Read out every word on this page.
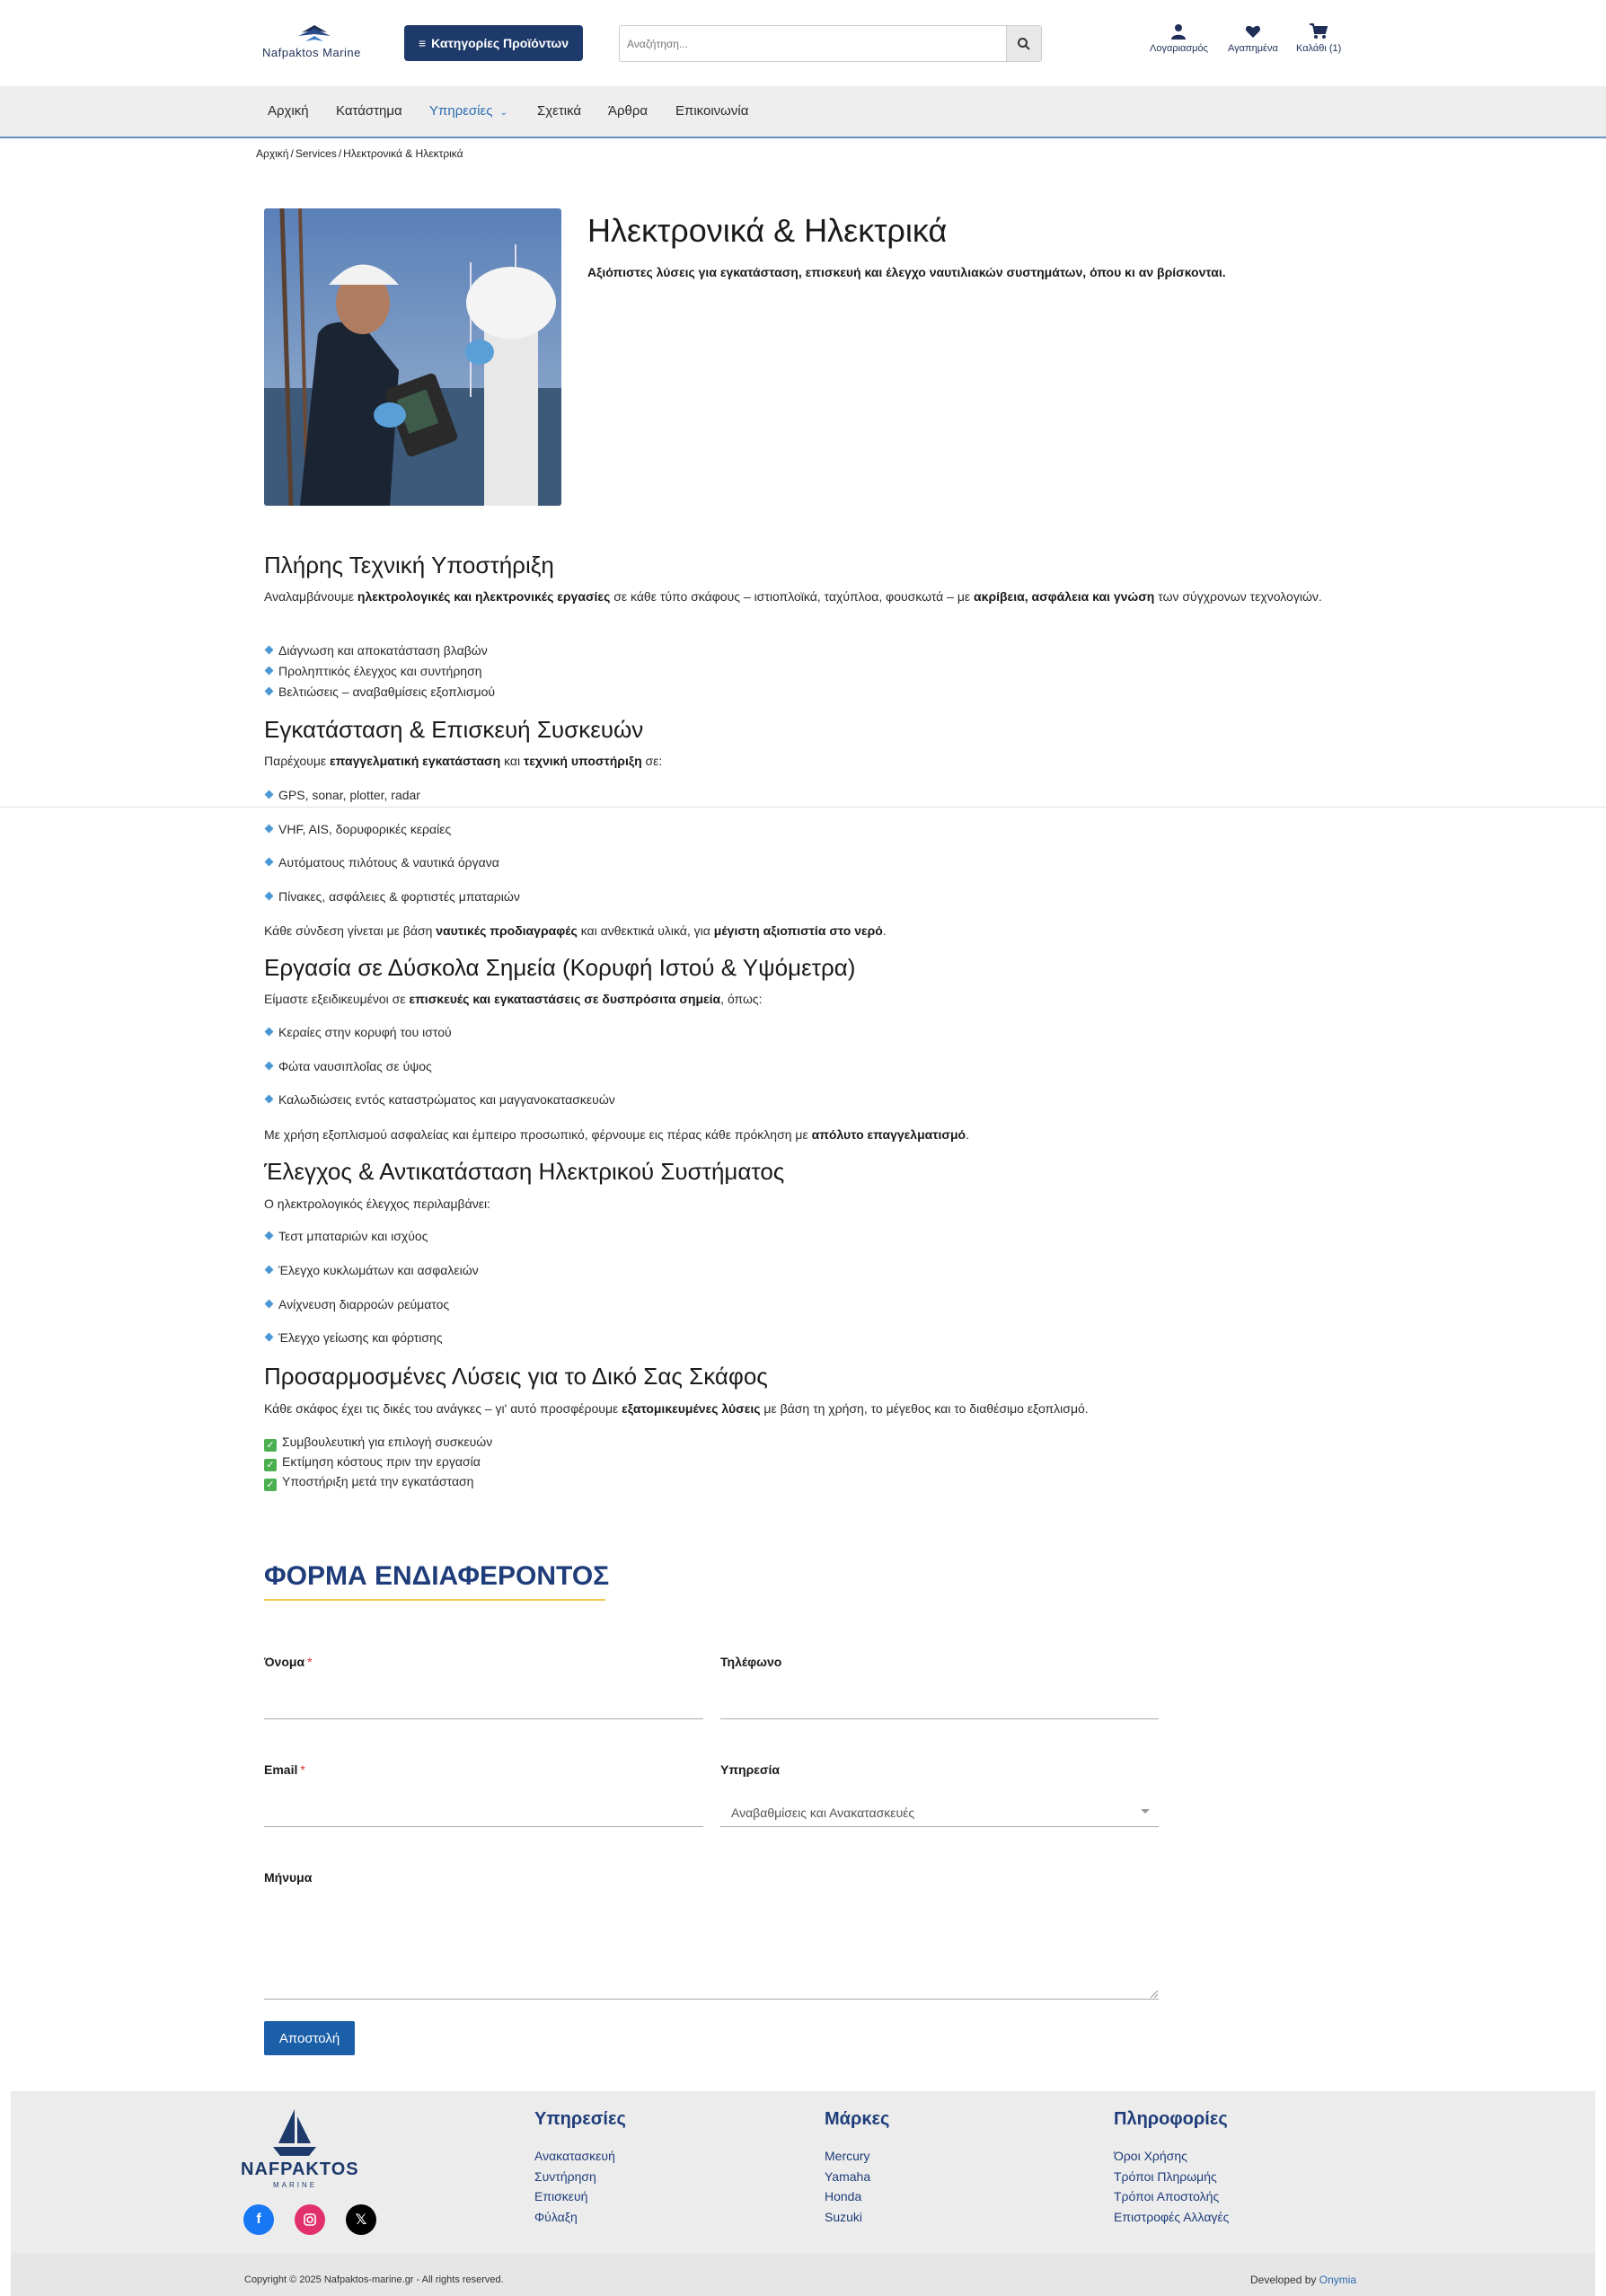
Nafpaktos Marine
≡ Κατηγορίες Προϊόντων
Αναζήτηση...	Λογαριασμός Αγαπημένα Καλάθι (1)
Αρχική Κατάστημα Υπηρεσίες ⌄ Σχετικά Άρθρα Επικοινωνία
Αρχική / Services / Ηλεκτρονικά & Ηλεκτρικά
Ηλεκτρονικά & Ηλεκτρικά
Αξιόπιστες λύσεις για εγκατάσταση, επισκευή και έλεγχο ναυτιλιακών συστημάτων, όπου κι αν βρίσκονται.
Πλήρης Τεχνική Υποστήριξη
Αναλαμβάνουμε ηλεκτρολογικές και ηλεκτρονικές εργασίες σε κάθε τύπο σκάφους – ιστιοπλοϊκά, ταχύπλοα, φουσκωτά – με ακρίβεια, ασφάλεια και γνώση των σύγχρονων τεχνολογιών.
Διάγνωση και αποκατάσταση βλαβών
Προληπτικός έλεγχος και συντήρηση
Βελτιώσεις – αναβαθμίσεις εξοπλισμού
Εγκατάσταση & Επισκευή Συσκευών
Παρέχουμε επαγγελματική εγκατάσταση και τεχνική υποστήριξη σε:
GPS, sonar, plotter, radar
VHF, AIS, δορυφορικές κεραίες
Αυτόματους πιλότους & ναυτικά όργανα
Πίνακες, ασφάλειες & φορτιστές μπαταριών
Κάθε σύνδεση γίνεται με βάση ναυτικές προδιαγραφές και ανθεκτικά υλικά, για μέγιστη αξιοπιστία στο νερό.
Εργασία σε Δύσκολα Σημεία (Κορυφή Ιστού & Υψόμετρα)
Είμαστε εξειδικευμένοι σε επισκευές και εγκαταστάσεις σε δυσπρόσιτα σημεία, όπως:
Κεραίες στην κορυφή του ιστού
Φώτα ναυσιπλοΐας σε ύψος
Καλωδιώσεις εντός καταστρώματος και μαγγανοκατασκευών
Με χρήση εξοπλισμού ασφαλείας και έμπειρο προσωπικό, φέρνουμε εις πέρας κάθε πρόκληση με απόλυτο επαγγελματισμό.
Έλεγχος & Αντικατάσταση Ηλεκτρικού Συστήματος
Ο ηλεκτρολογικός έλεγχος περιλαμβάνει:
Τεστ μπαταριών και ισχύος
Έλεγχο κυκλωμάτων και ασφαλειών
Ανίχνευση διαρροών ρεύματος
Έλεγχο γείωσης και φόρτισης
Προσαρμοσμένες Λύσεις για το Δικό Σας Σκάφος
Κάθε σκάφος έχει τις δικές του ανάγκες – γι' αυτό προσφέρουμε εξατομικευμένες λύσεις με βάση τη χρήση, το μέγεθος και το διαθέσιμο εξοπλισμό.
✓ Συμβουλευτική για επιλογή συσκευών
✓ Εκτίμηση κόστους πριν την εργασία
✓ Υποστήριξη μετά την εγκατάσταση
ΦΟΡΜΑ ΕΝΔΙΑΦΕΡΟΝΤΟΣ
Όνομα *	Τηλέφωνο
Email *	Υπηρεσία
Αναβαθμίσεις και Ανακατασκευές
Μήνυμα
Αποστολή
NAFPAKTOS
MARINE
f	𝕏
Υπηρεσίες
Ανακατασκευή
Συντήρηση
Επισκευή
Φύλαξη
Μάρκες
Mercury
Yamaha
Honda
Suzuki
Πληροφορίες
Όροι Χρήσης
Τρόποι Πληρωμής
Τρόποι Αποστολής
Επιστροφές Αλλαγές
Copyright © 2025 Nafpaktos-marine.gr - All rights reserved.	Developed by Onymia
